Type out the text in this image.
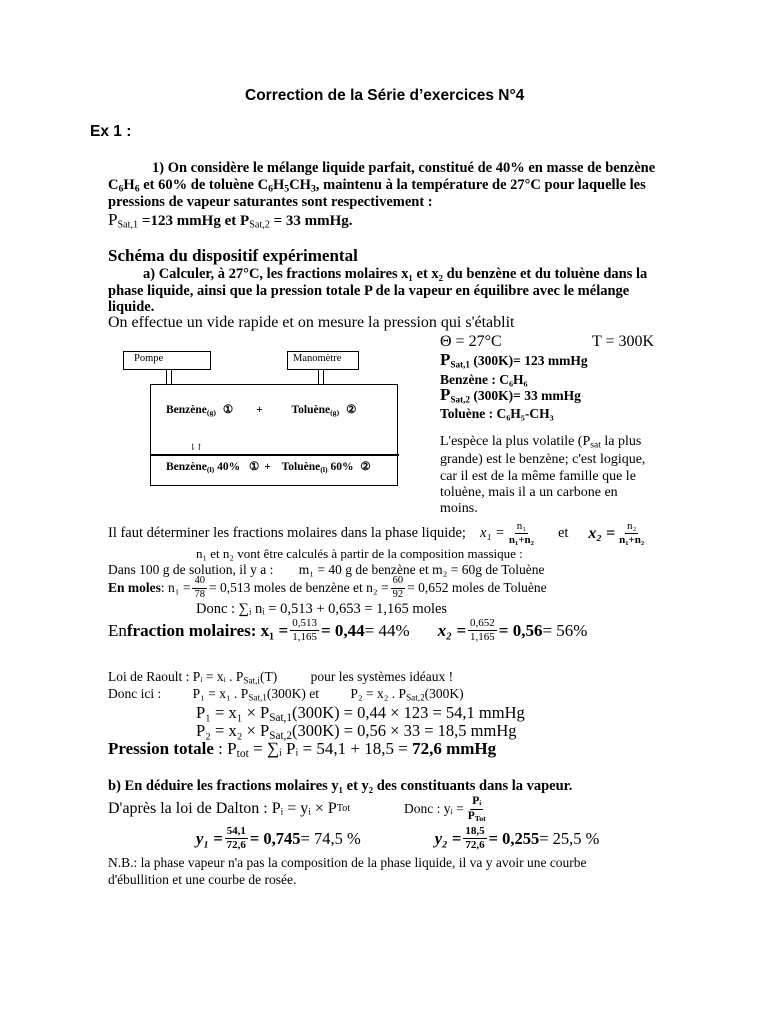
Correction de la Série d’exercices N°4
Ex 1 :
1) On considère le mélange liquide parfait, constitué de 40% en masse de benzène
$C_6H_6$ et 60% de toluène $C_6H_5CH_3$, maintenu à la température de 27°C pour laquelle les
pressions de vapeur saturantes sont respectivement :
$P_{Sat,1} =123$ mmHg et $P_{Sat,2} = 33$ mmHg.
Schéma du dispositif expérimental
a) Calculer, à 27°C, les fractions molaires x₁ et x₂ du benzène et du toluène dans la
phase liquide, ainsi que la pression totale P de la vapeur en équilibre avec le mélange
liquide.
On effectue un vide rapide et on mesure la pression qui s'établit
Pompe	Manomètre
Benzène$_{(g)}$ ① +	Toluène$_{(g)}$ ②
⇂↾
Benzène$_{(l)}$ 40% ① + Toluène$_{(l)}$ 60% ②
Θ = 27°C	T = 300K
$P_{Sat,1}$ (300K)= 123 mmHg
Benzène : C₆H₆
$P_{Sat,2}$ (300K)= 33 mmHg
Toluène : C₆H₅-CH₃
L'espèce la plus volatile ($P_{sat}$ la plus
grande) est le benzène; c'est logique,
car il est de la même famille que le
toluène, mais il a un carbone en
moins.
Il faut déterminer les fractions molaires dans la phase liquide; $x_1 = \frac{\text{n₁}}{\text{n₁+n₂}}$ et $x_2 = \frac{\text{n₂}}{\text{n₁+n₂}}$
n₁ et n₂ vont être calculés à partir de la composition massique :
Dans 100 g de solution, il y a : m₁ = 40 g de benzène et m₂ = 60g de Toluène
En moles : $n_1 = \frac{40}{78} = 0,513$ moles de benzène et $n_2 = \frac{60}{92} = 0,652$ moles de Toluène
Donc : ∑ᵢ nᵢ = 0,513 + 0,653 = 1,165 moles
En fraction molaires : $x_1 = \frac{0,513}{1,165} = 0,44 = 44\%$ $x_2 = \frac{0,652}{1,165} = 0,56 = 56\%$
Loi de Raoult : Pᵢ = xᵢ . $P_{Sat,i}(T)$ pour les systèmes idéaux !
Donc ici : P₁ = x₁ . $P_{Sat,1}(300K)$ et P₂ = x₂ . $P_{Sat,2}(300K)$
$P_1 = x_1 \times P_{Sat,1}(300K) = 0,44 \times 123 = 54,1$ mmHg
$P_2 = x_2 \times P_{Sat,2}(300K) = 0,56 \times 33 = 18,5$ mmHg
Pression totale : $P_{tot}$ = ∑ᵢ Pᵢ = 54,1 + 18,5 = 72,6 mmHg
b) En déduire les fractions molaires y₁ et y₂ des constituants dans la vapeur.
D'après la loi de Dalton : Pᵢ = yᵢ × P Tot	Donc : yᵢ = $\frac{\text{Pᵢ}}{P_{Tot}}$
$y_1 = \frac{54,1}{72,6} = 0,745 = 74,5$ %	$y_2 = \frac{18,5}{72,6} = 0,255 = 25,5$ %
N.B.: la phase vapeur n'a pas la composition de la phase liquide, il va y avoir une courbe
d'ébullition et une courbe de rosée.
